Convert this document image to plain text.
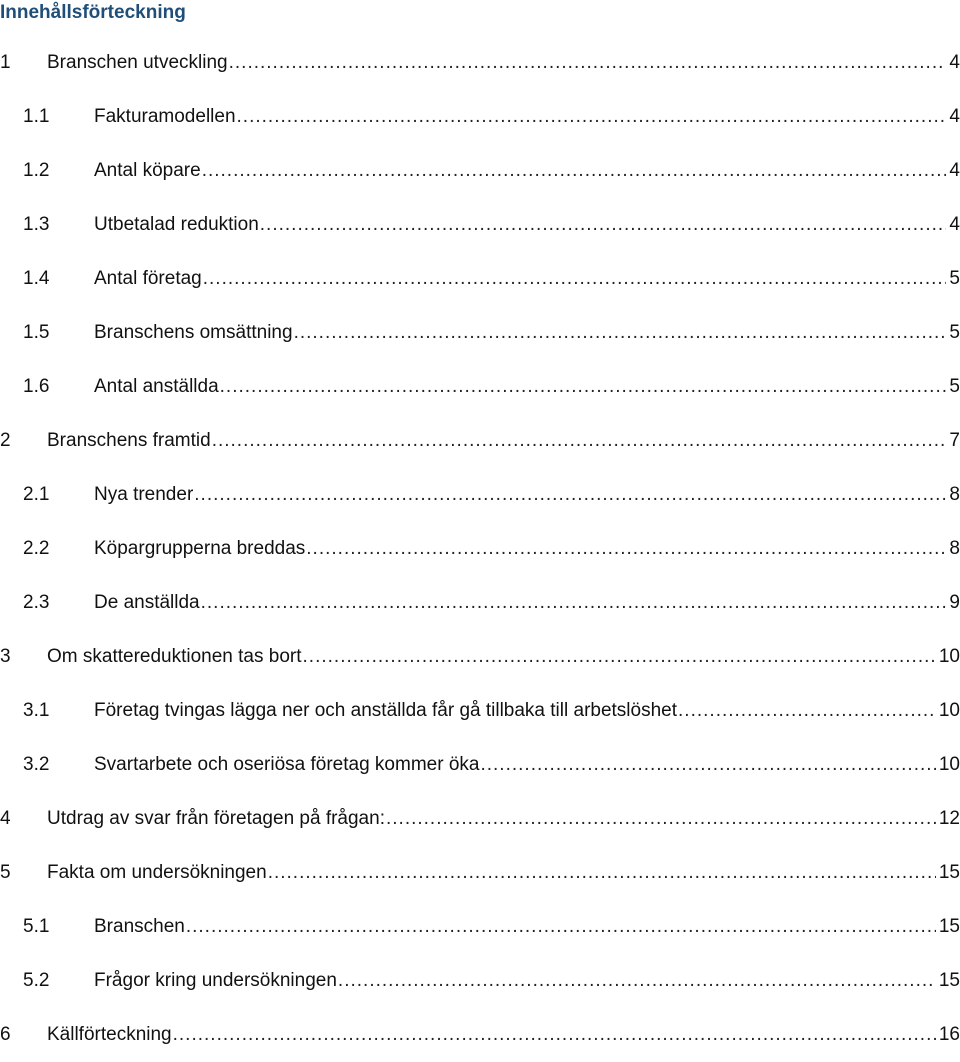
Innehållsförteckning
1	Branschen utveckling .....	4
1.1	Fakturamodellen .....	4
1.2	Antal köpare .....	4
1.3	Utbetalad reduktion .....	4
1.4	Antal företag .....	5
1.5	Branschens omsättning .....	5
1.6	Antal anställda .....	5
2	Branschens framtid .....	7
2.1	Nya trender .....	8
2.2	Köpargrupperna breddas .....	8
2.3	De anställda .....	9
3	Om skattereduktionen tas bort .....	10
3.1	Företag tvingas lägga ner och anställda får gå tillbaka till arbetslöshet .....	10
3.2	Svartarbete och oseriösa företag kommer öka .....	10
4	Utdrag av svar från företagen på frågan: .....	12
5	Fakta om undersökningen .....	15
5.1	Branschen .....	15
5.2	Frågor kring undersökningen .....	15
6	Källförteckning .....	16
